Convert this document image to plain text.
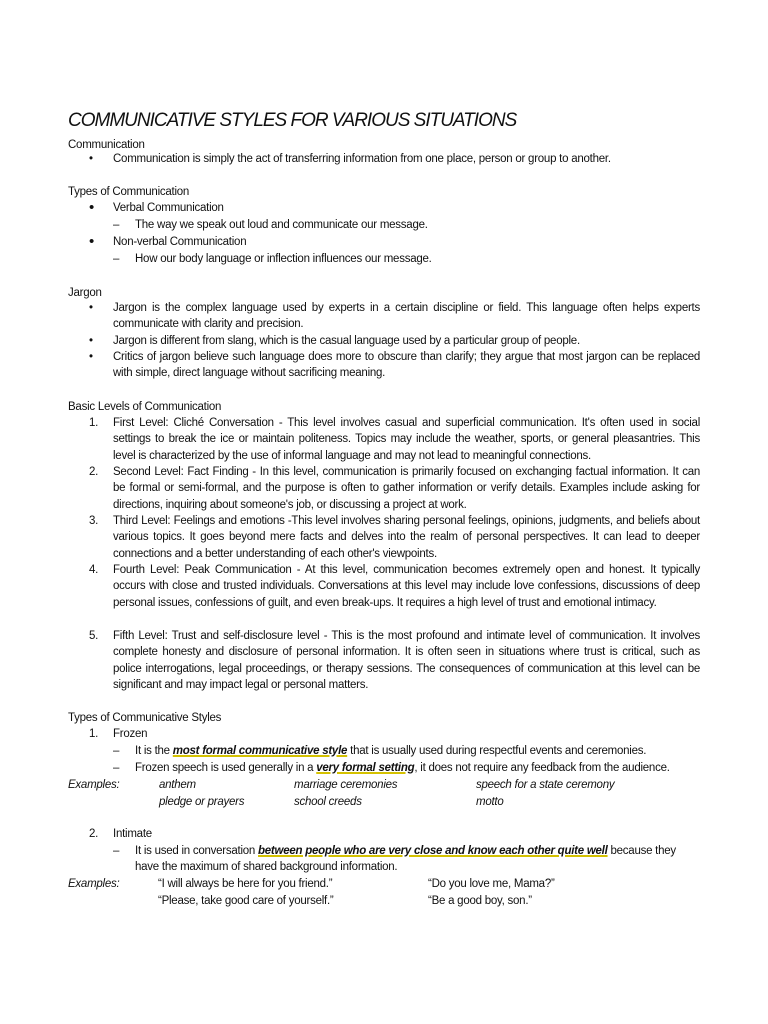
COMMUNICATIVE STYLES FOR VARIOUS SITUATIONS
Communication
•	Communication is simply the act of transferring information from one place, person or group to another.
Types of Communication
•	Verbal Communication
– The way we speak out loud and communicate our message.
•	Non-verbal Communication
– How our body language or inflection influences our message.
Jargon
•	Jargon is the complex language used by experts in a certain discipline or field. This language often helps experts communicate with clarity and precision.
•	Jargon is different from slang, which is the casual language used by a particular group of people.
•	Critics of jargon believe such language does more to obscure than clarify; they argue that most jargon can be replaced with simple, direct language without sacrificing meaning.
Basic Levels of Communication
1.	First Level: Cliché Conversation - This level involves casual and superficial communication. It's often used in social settings to break the ice or maintain politeness. Topics may include the weather, sports, or general pleasantries. This level is characterized by the use of informal language and may not lead to meaningful connections.
2.	Second Level: Fact Finding - In this level, communication is primarily focused on exchanging factual information. It can be formal or semi-formal, and the purpose is often to gather information or verify details. Examples include asking for directions, inquiring about someone's job, or discussing a project at work.
3.	Third Level: Feelings and emotions -This level involves sharing personal feelings, opinions, judgments, and beliefs about various topics. It goes beyond mere facts and delves into the realm of personal perspectives. It can lead to deeper connections and a better understanding of each other's viewpoints.
4.	Fourth Level: Peak Communication - At this level, communication becomes extremely open and honest. It typically occurs with close and trusted individuals. Conversations at this level may include love confessions, discussions of deep personal issues, confessions of guilt, and even break-ups. It requires a high level of trust and emotional intimacy.
5.	Fifth Level: Trust and self-disclosure level - This is the most profound and intimate level of communication. It involves complete honesty and disclosure of personal information. It is often seen in situations where trust is critical, such as police interrogations, legal proceedings, or therapy sessions. The consequences of communication at this level can be significant and may impact legal or personal matters.
Types of Communicative Styles
1.	Frozen
– It is the most formal communicative style that is usually used during respectful events and ceremonies.
– Frozen speech is used generally in a very formal setting, it does not require any feedback from the audience.
Examples:	anthem	marriage ceremonies	speech for a state ceremony
pledge or prayers	school creeds	motto
2.	Intimate
– It is used in conversation between people who are very close and know each other quite well because they have the maximum of shared background information.
Examples:	“I will always be here for you friend.”	“Do you love me, Mama?”
“Please, take good care of yourself.”	“Be a good boy, son.”
